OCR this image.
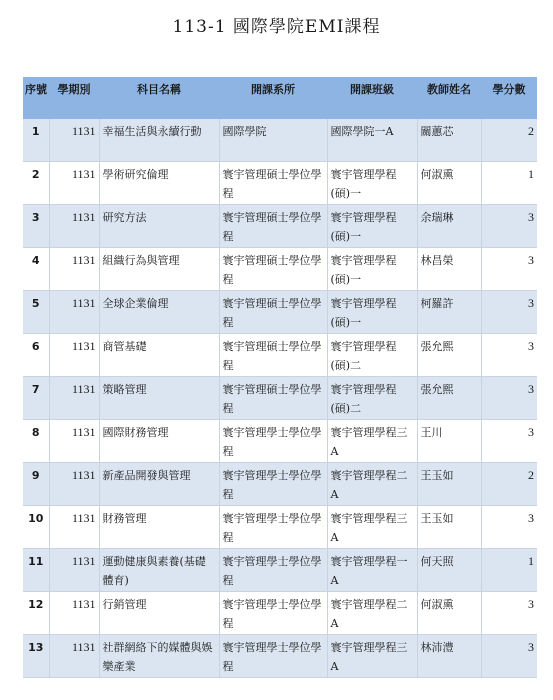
113-1 國際學院EMI課程
序號	學期別	科目名稱	開課系所	開課班級	教師姓名	學分數
1	1131	幸福生活與永續行動	國際學院	國際學院一A	關蕙芯	2
2	1131	學術研究倫理	寰宇管理碩士學位學程	寰宇管理學程(碩)一	何淑熏	1
3	1131	研究方法	寰宇管理碩士學位學程	寰宇管理學程(碩)一	余瑞琳	3
4	1131	組織行為與管理	寰宇管理碩士學位學程	寰宇管理學程(碩)一	林昌榮	3
5	1131	全球企業倫理	寰宇管理碩士學位學程	寰宇管理學程(碩)一	柯羅許	3
6	1131	商管基礎	寰宇管理碩士學位學程	寰宇管理學程(碩)二	張允熙	3
7	1131	策略管理	寰宇管理碩士學位學程	寰宇管理學程(碩)二	張允熙	3
8	1131	國際財務管理	寰宇管理學士學位學程	寰宇管理學程三A	王川	3
9	1131	新產品開發與管理	寰宇管理學士學位學程	寰宇管理學程二A	王玉如	2
10	1131	財務管理	寰宇管理學士學位學程	寰宇管理學程三A	王玉如	3
11	1131	運動健康與素養(基礎體育)	寰宇管理學士學位學程	寰宇管理學程一A	何天照	1
12	1131	行銷管理	寰宇管理學士學位學程	寰宇管理學程二A	何淑熏	3
13	1131	社群網絡下的媒體與娛樂產業	寰宇管理學士學位學程	寰宇管理學程三A	林沛澧	3
